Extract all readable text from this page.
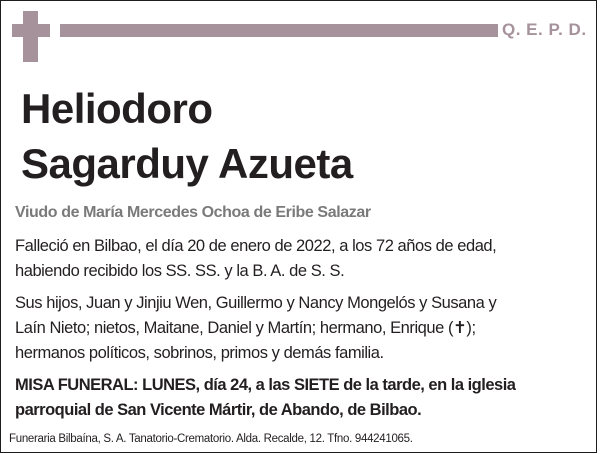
Q. E. P. D.
Heliodoro
Sagarduy Azueta
Viudo de María Mercedes Ochoa de Eribe Salazar
Falleció en Bilbao, el día 20 de enero de 2022, a los 72 años de edad,
habiendo recibido los SS. SS. y la B. A. de S. S.
Sus hijos, Juan y Jinjiu Wen, Guillermo y Nancy Mongelós y Susana y
Laín Nieto; nietos, Maitane, Daniel y Martín; hermano, Enrique (✝);
hermanos políticos, sobrinos, primos y demás familia.
MISA FUNERAL: LUNES, día 24, a las SIETE de la tarde, en la iglesia
parroquial de San Vicente Mártir, de Abando, de Bilbao.
Funeraria Bilbaína, S. A. Tanatorio-Crematorio. Alda. Recalde, 12. Tfno. 944241065.
